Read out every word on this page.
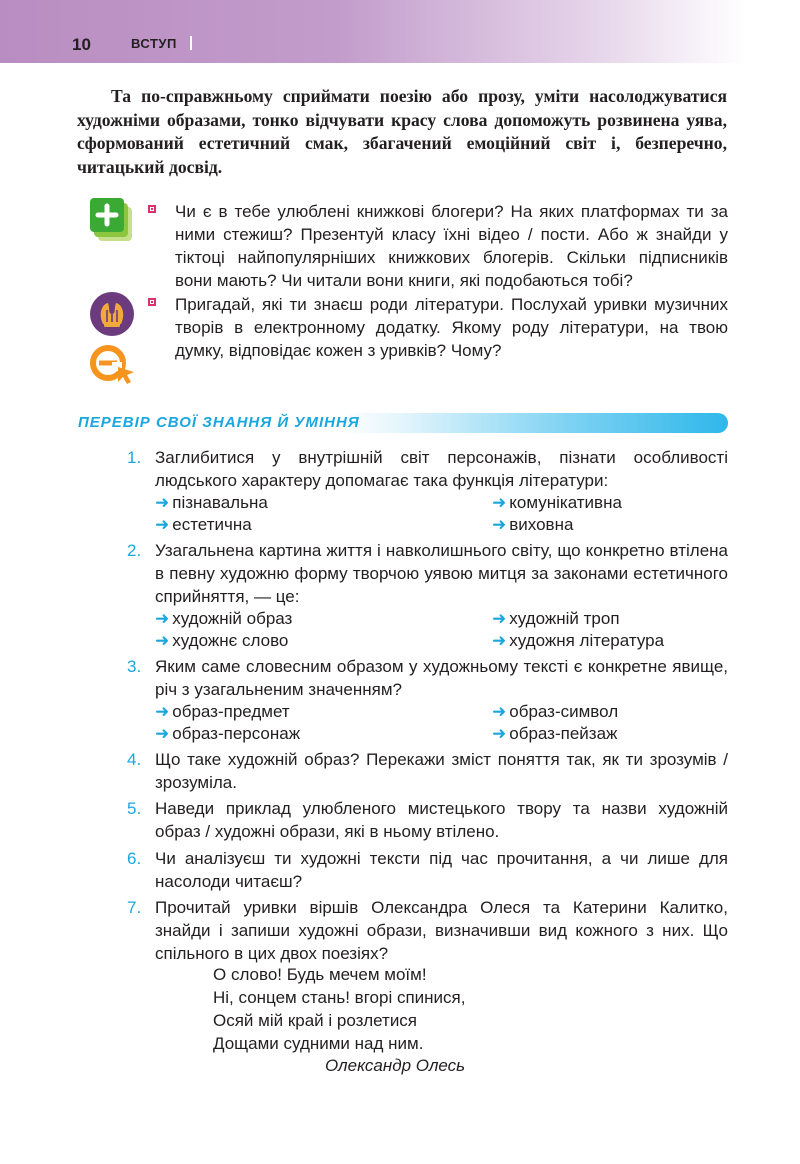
10	ВСТУП

Та по-справжньому сприймати поезію або прозу, уміти насолоджуватися художніми образами, тонко відчувати красу слова допоможуть розвинена уява, сформований естетичний смак, збагачений емоційний світ і, безперечно, читацький досвід.

Чи є в тебе улюблені книжкові блогери? На яких платформах ти за ними стежиш? Презентуй класу їхні відео / пости. Або ж знайди у тіктоці найпопулярніших книжкових блогерів. Скільки підписників вони мають? Чи читали вони книги, які подобаються тобі?

Пригадай, які ти знаєш роди літератури. Послухай уривки музичних творів в електронному додатку. Якому роду літератури, на твою думку, відповідає кожен з уривків? Чому?

ПЕРЕВІР СВОЇ ЗНАННЯ Й УМІННЯ
1. Заглибитися у внутрішній світ персонажів, пізнати особливості людського характеру допомагає така функція літератури:

➜ пізнавальна	➜ комунікативна
➜ естетична	➜ виховна
2. Узагальнена картина життя і навколишнього світу, що конкретно втілена в певну художню форму творчою уявою митця за законами естетичного сприйняття, — це:

➜ художній образ	➜ художній троп
➜ художнє слово	➜ художня література
3. Яким саме словесним образом у художньому тексті є конкретне явище, річ з узагальненим значенням?

➜ образ-предмет	➜ образ-символ
➜ образ-персонаж	➜ образ-пейзаж
4. Що таке художній образ? Перекажи зміст поняття так, як ти зрозумів / зрозуміла.

5. Наведи приклад улюбленого мистецького твору та назви художній образ / художні образи, які в ньому втілено.

6. Чи аналізуєш ти художні тексти під час прочитання, а чи лише для насолоди читаєш?

7. Прочитай уривки віршів Олександра Олеся та Катерини Калитко, знайди і запиши художні образи, визначивши вид кожного з них. Що спільного в цих двох поезіях?

О слово! Будь мечем моїм!
Ні, сонцем стань! вгорі спинися,
Осяй мій край і розлетися
Дощами судними над ним.
Олександр Олесь
